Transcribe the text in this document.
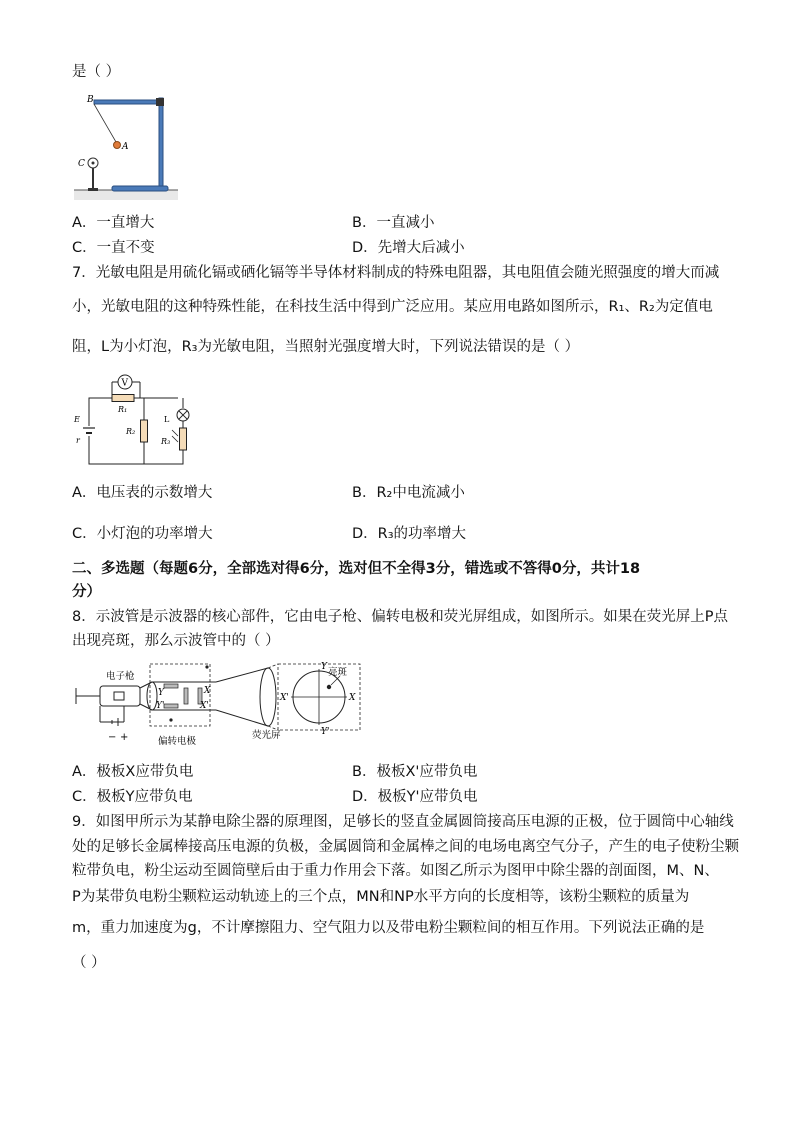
是（ ）
B
A
C
A．一直增大	B．一直减小
C．一直不变	D．先增大后减小
7．光敏电阻是用硫化镉或硒化镉等半导体材料制成的特殊电阻器，其电阻值会随光照强度的增大而减
小，光敏电阻的这种特殊性能，在科技生活中得到广泛应用。某应用电路如图所示，R₁、R₂为定值电
阻，L为小灯泡，R₃为光敏电阻，当照射光强度增大时，下列说法错误的是（ ）
V
R₁
R₂
L
R₃
E
r
A．电压表的示数增大	B．R₂中电流减小
C．小灯泡的功率增大	D．R₃的功率增大
二、多选题（每题6分，全部选对得6分，选对但不全得3分，错选或不答得0分，共计18
分）
8．示波管是示波器的核心部件，它由电子枪、偏转电极和荧光屏组成，如图所示。如果在荧光屏上P点
出现亮斑，那么示波管中的（ ）
电子枪
偏转电极
荧光屏
亮斑
X
X'
Y
Y'
X
X'
Y
Y'
− +
A．极板X应带负电	B．极板X'应带负电
C．极板Y应带负电	D．极板Y'应带负电
9．如图甲所示为某静电除尘器的原理图，足够长的竖直金属圆筒接高压电源的正极，位于圆筒中心轴线
处的足够长金属棒接高压电源的负极，金属圆筒和金属棒之间的电场电离空气分子，产生的电子使粉尘颗
粒带负电，粉尘运动至圆筒壁后由于重力作用会下落。如图乙所示为图甲中除尘器的剖面图，M、N、
P为某带负电粉尘颗粒运动轨迹上的三个点，MN和NP水平方向的长度相等，该粉尘颗粒的质量为
m，重力加速度为g，不计摩擦阻力、空气阻力以及带电粉尘颗粒间的相互作用。下列说法正确的是
（ ）
